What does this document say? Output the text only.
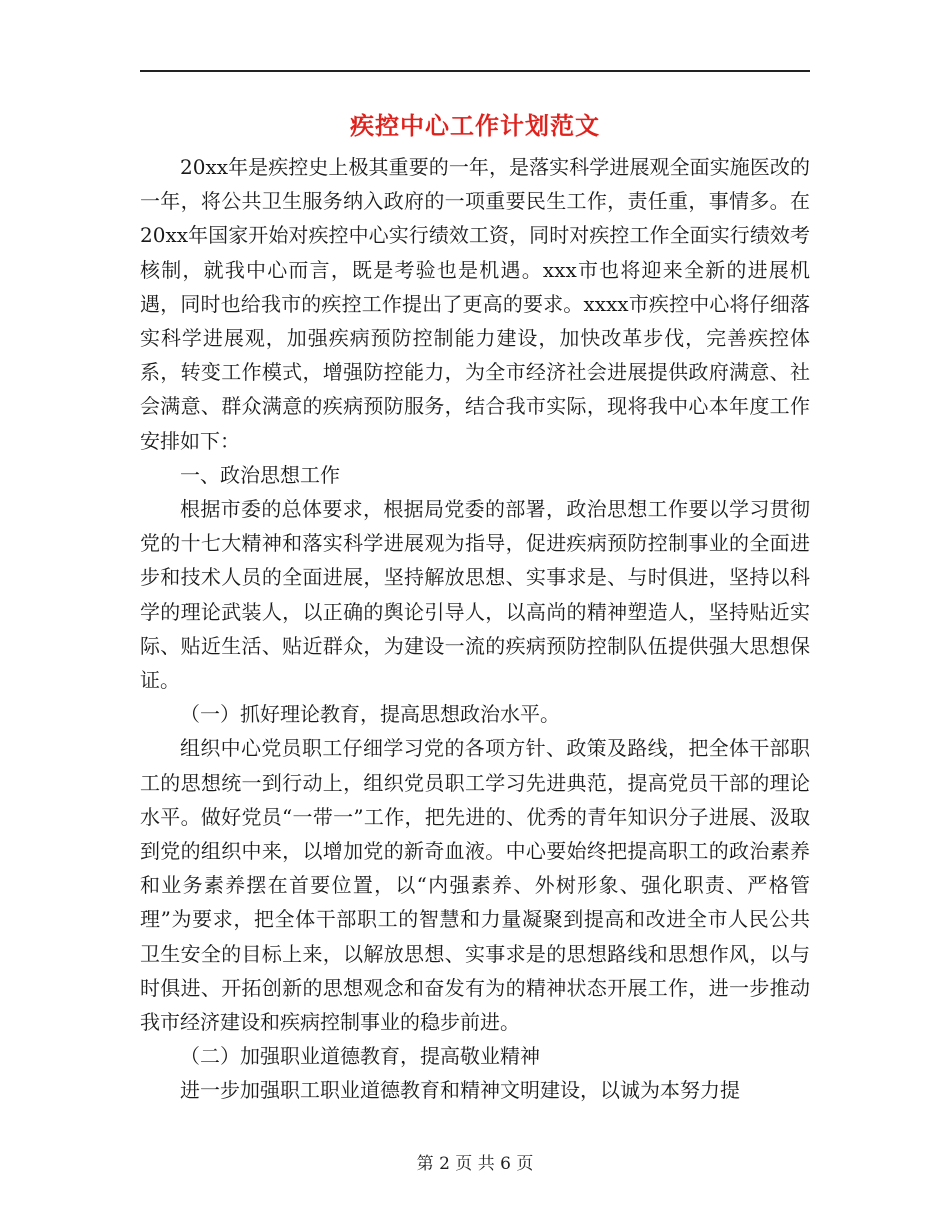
疾控中心工作计划范文

20xx年是疾控史上极其重要的一年，是落实科学进展观全面实施医改的一年，将公共卫生服务纳入政府的一项重要民生工作，责任重，事情多。在20xx年国家开始对疾控中心实行绩效工资，同时对疾控工作全面实行绩效考核制，就我中心而言，既是考验也是机遇。xxx市也将迎来全新的进展机遇，同时也给我市的疾控工作提出了更高的要求。xxxx市疾控中心将仔细落实科学进展观，加强疾病预防控制能力建设，加快改革步伐，完善疾控体系，转变工作模式，增强防控能力，为全市经济社会进展提供政府满意、社会满意、群众满意的疾病预防服务，结合我市实际，现将我中心本年度工作安排如下：

一、政治思想工作

根据市委的总体要求，根据局党委的部署，政治思想工作要以学习贯彻党的十七大精神和落实科学进展观为指导，促进疾病预防控制事业的全面进步和技术人员的全面进展，坚持解放思想、实事求是、与时俱进，坚持以科学的理论武装人，以正确的舆论引导人，以高尚的精神塑造人，坚持贴近实际、贴近生活、贴近群众，为建设一流的疾病预防控制队伍提供强大思想保证。

（一）抓好理论教育，提高思想政治水平。

组织中心党员职工仔细学习党的各项方针、政策及路线，把全体干部职工的思想统一到行动上，组织党员职工学习先进典范，提高党员干部的理论水平。做好党员“一带一”工作，把先进的、优秀的青年知识分子进展、汲取到党的组织中来，以增加党的新奇血液。中心要始终把提高职工的政治素养和业务素养摆在首要位置，以“内强素养、外树形象、强化职责、严格管理”为要求，把全体干部职工的智慧和力量凝聚到提高和改进全市人民公共卫生安全的目标上来，以解放思想、实事求是的思想路线和思想作风，以与时俱进、开拓创新的思想观念和奋发有为的精神状态开展工作，进一步推动我市经济建设和疾病控制事业的稳步前进。

（二）加强职业道德教育，提高敬业精神

进一步加强职工职业道德教育和精神文明建设，以诚为本努力提

第 2 页 共 6 页
